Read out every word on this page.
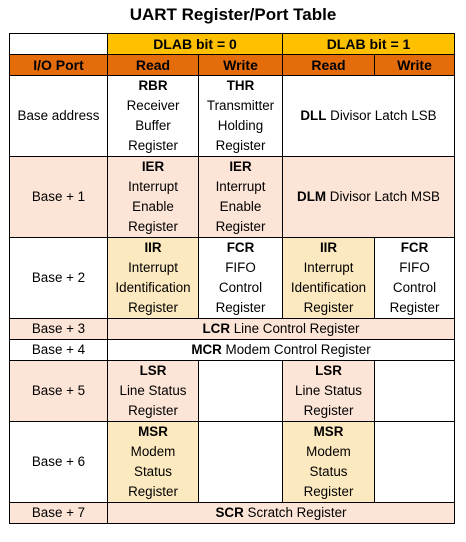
UART Register/Port Table
	DLAB bit = 0		DLAB bit = 1	
I/O Port	Read	Write	Read	Write

Base address	RBR
Receiver
Buffer
Register	THR
Transmitter
Holding
Register	DLL Divisor Latch LSB	

Base + 1	IER
Interrupt
Enable
Register	IER
Interrupt
Enable
Register	DLM Divisor Latch MSB	

Base + 2	IIR
Interrupt
Identification
Register	FCR
FIFO
Control
Register	IIR
Interrupt
Identification
Register	FCR
FIFO
Control
Register

Base + 3	LCR Line Control Register			

Base + 4	MCR Modem Control Register			

Base + 5	LSR
Line Status
Register		LSR
Line Status
Register	

Base + 6	MSR
Modem
Status
Register		MSR
Modem
Status
Register	

Base + 7	SCR Scratch Register			
